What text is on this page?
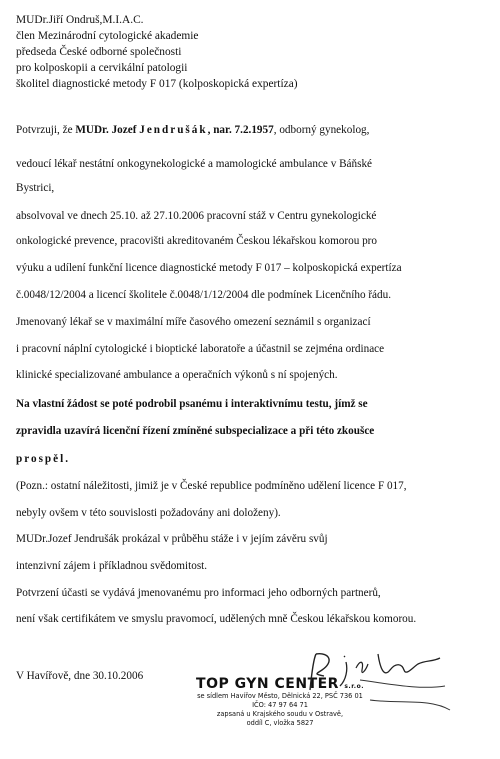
MUDr.Jiří Ondruš,M.I.A.C.
člen Mezinárodní cytologické akademie
předseda České odborné společnosti
pro kolposkopii a cervikální patologii
školitel diagnostické metody F 017 (kolposkopická expertíza)
Potvrzuji, že MUDr. Jozef Jendrušák, nar. 7.2.1957, odborný gynekolog,
vedoucí lékař nestátní onkogynekologické a mamologické ambulance v Báňské
Bystrici,
absolvoval ve dnech 25.10. až 27.10.2006 pracovní stáž v Centru gynekologické
onkologické prevence, pracovišti akreditovaném Českou lékařskou komorou pro
výuku a udílení funkční licence diagnostické metody F 017 – kolposkopická expertíza
č.0048/12/2004 a licencí školitele č.0048/1/12/2004 dle podmínek Licenčního řádu.
Jmenovaný lékař se v maximální míře časového omezení seznámil s organizací
i pracovní náplní cytologické i bioptické laboratoře a účastnil se zejména ordinace
klinické specializované ambulance a operačních výkonů s ní spojených.
Na vlastní žádost se poté podrobil psanému i interaktivnímu testu, jímž se
zpravidla uzavírá licenční řízení zmíněné subspecializace a při této zkoušce
prospěl.
(Pozn.: ostatní náležitosti, jimiž je v České republice podmíněno udělení licence F 017,
nebyly ovšem v této souvislosti požadovány ani doloženy).
MUDr.Jozef Jendrušák prokázal v průběhu stáže i v jejím závěru svůj
intenzivní zájem i příkladnou svědomitost.
Potvrzení účasti se vydává jmenovanému pro informaci jeho odborných partnerů,
není však certifikátem ve smyslu pravomocí, udělených mně Českou lékařskou komorou.
V Havířově, dne 30.10.2006	TOP GYN CENTER s.r.o.
se sídlem Havířov Město, Dělnická 22, PSČ 736 01
IČO: 47 97 64 71
zapsaná u Krajského soudu v Ostravě,
oddíl C, vložka 5827
